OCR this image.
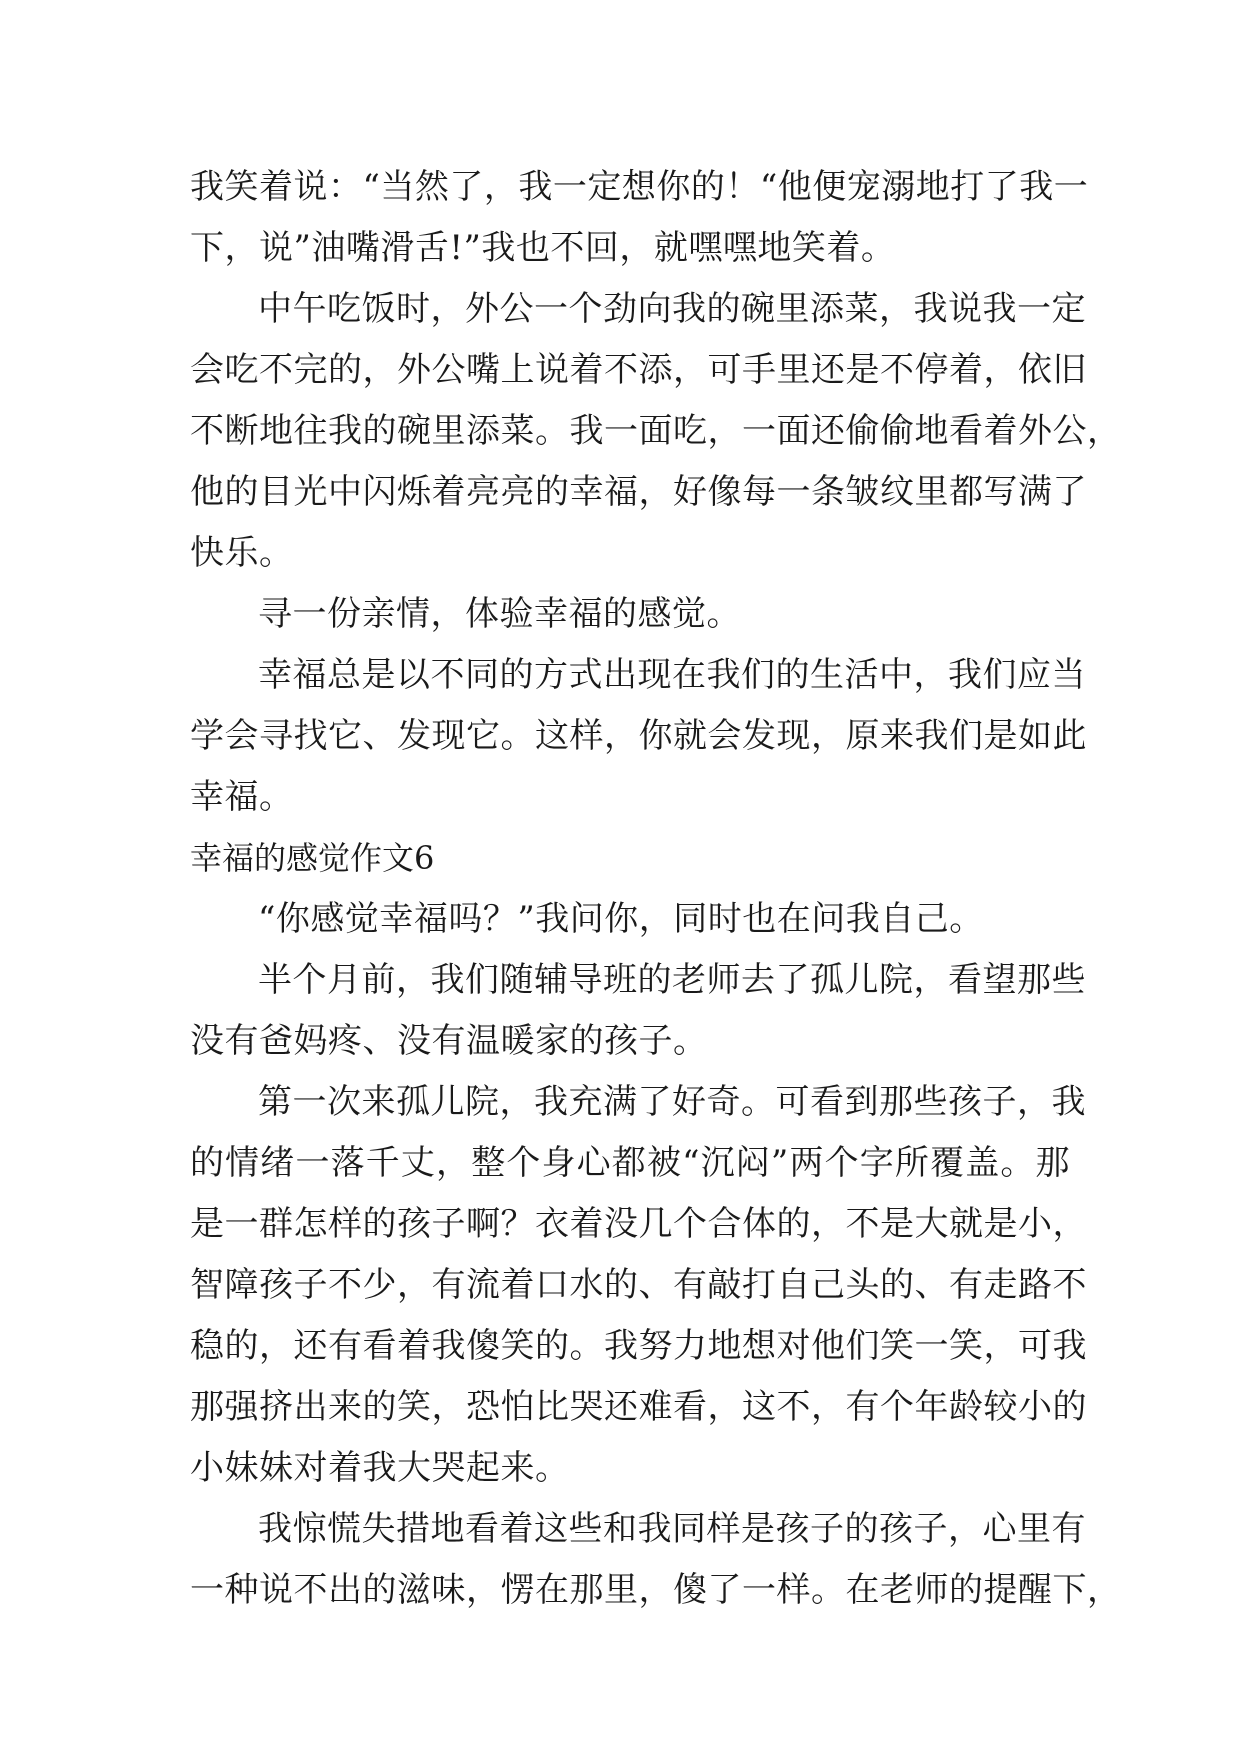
我笑着说：“当然了，我一定想你的！“他便宠溺地打了我一
下，说”油嘴滑舌!”我也不回，就嘿嘿地笑着。
中午吃饭时，外公一个劲向我的碗里添菜，我说我一定
会吃不完的，外公嘴上说着不添，可手里还是不停着，依旧
不断地往我的碗里添菜。我一面吃，一面还偷偷地看着外公，
他的目光中闪烁着亮亮的幸福，好像每一条皱纹里都写满了
快乐。
寻一份亲情，体验幸福的感觉。
幸福总是以不同的方式出现在我们的生活中，我们应当
学会寻找它、发现它。这样，你就会发现，原来我们是如此
幸福。
幸福的感觉作文6
“你感觉幸福吗？”我问你，同时也在问我自己。
半个月前，我们随辅导班的老师去了孤儿院，看望那些
没有爸妈疼、没有温暖家的孩子。
第一次来孤儿院，我充满了好奇。可看到那些孩子，我
的情绪一落千丈，整个身心都被“沉闷”两个字所覆盖。那
是一群怎样的孩子啊？衣着没几个合体的，不是大就是小，
智障孩子不少，有流着口水的、有敲打自己头的、有走路不
稳的，还有看着我傻笑的。我努力地想对他们笑一笑，可我
那强挤出来的笑，恐怕比哭还难看，这不，有个年龄较小的
小妹妹对着我大哭起来。
我惊慌失措地看着这些和我同样是孩子的孩子，心里有
一种说不出的滋味，愣在那里，傻了一样。在老师的提醒下，
